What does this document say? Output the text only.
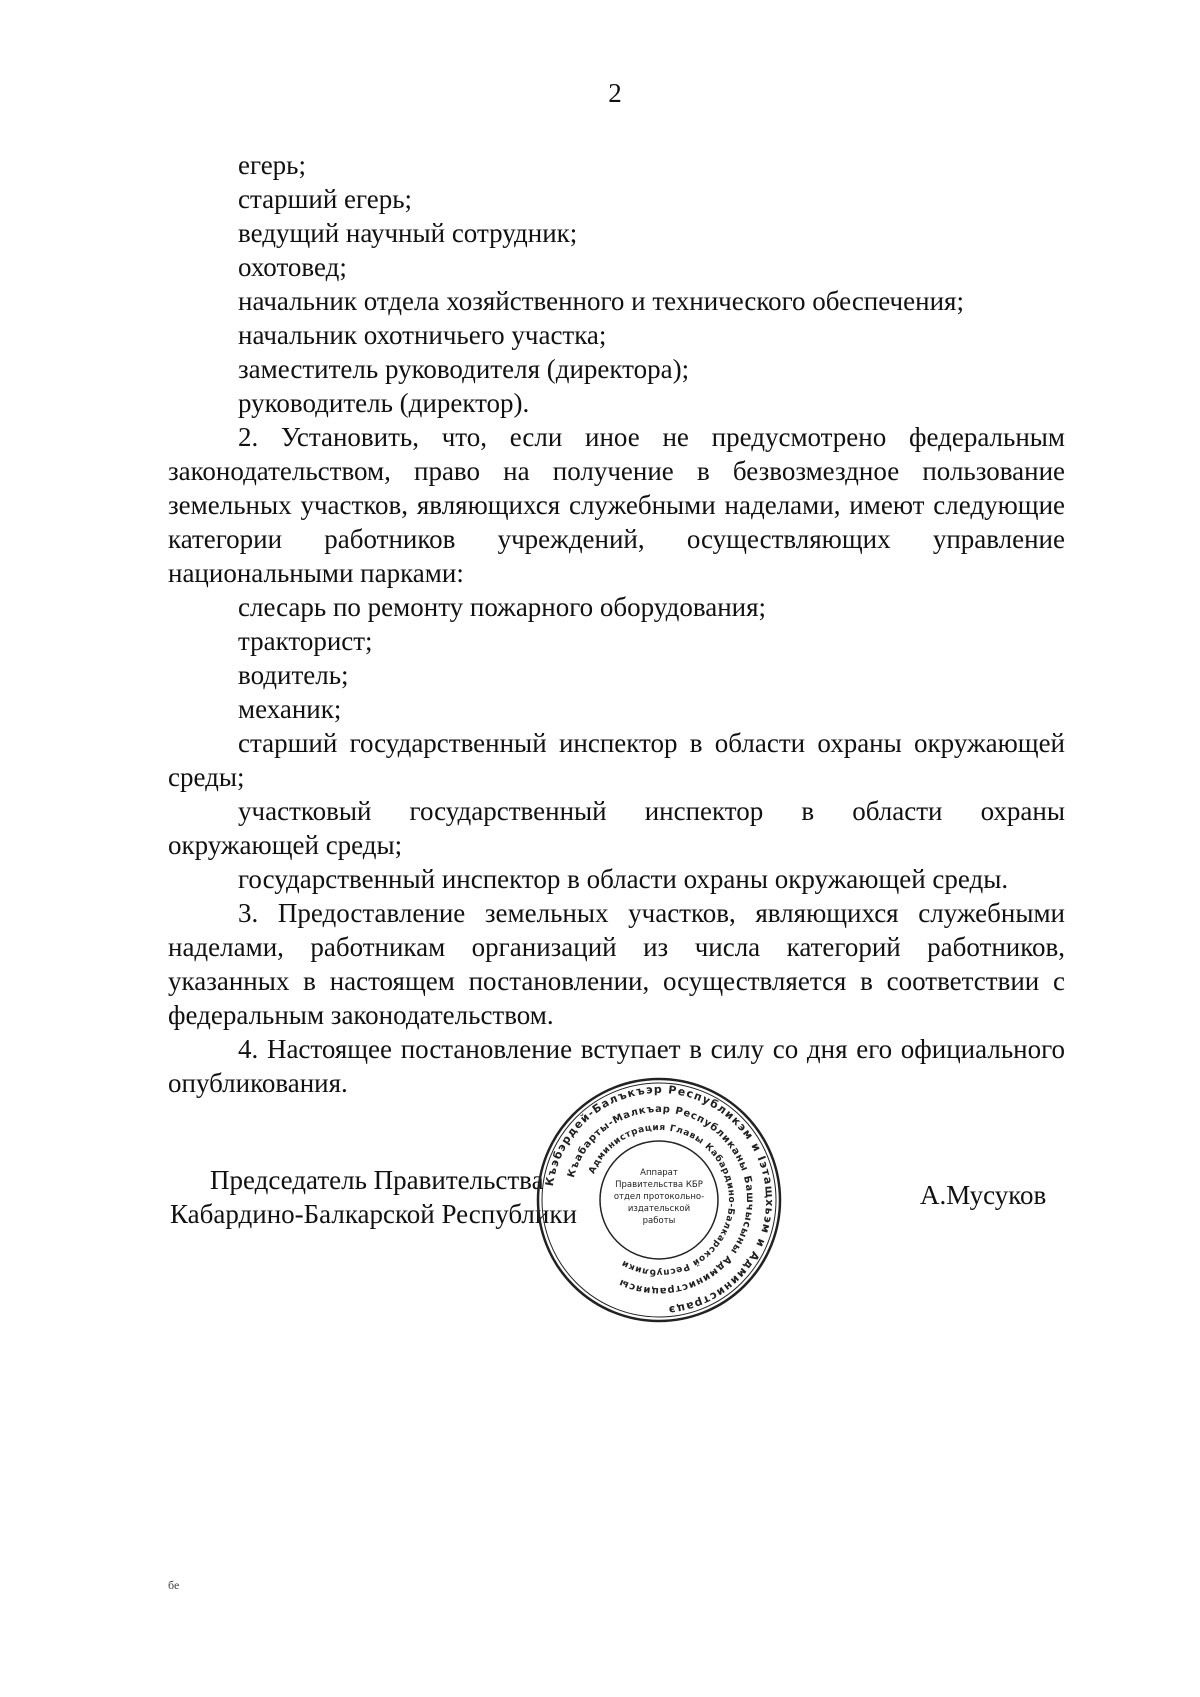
2
егерь;
старший егерь;
ведущий научный сотрудник;
охотовед;
начальник отдела хозяйственного и технического обеспечения;
начальник охотничьего участка;
заместитель руководителя (директора);
руководитель (директор).
2. Установить, что, если иное не предусмотрено федеральным законодательством, право на получение в безвозмездное пользование земельных участков, являющихся служебными наделами, имеют следующие категории работников учреждений, осуществляющих управление национальными парками:
слесарь по ремонту пожарного оборудования;
тракторист;
водитель;
механик;
старший государственный инспектор в области охраны окружающей среды;
участковый государственный инспектор в области охраны окружающей среды;
государственный инспектор в области охраны окружающей среды.
3. Предоставление земельных участков, являющихся служебными наделами, работникам организаций из числа категорий работников, указанных в настоящем постановлении, осуществляется в соответствии с федеральным законодательством.
4. Настоящее постановление вступает в силу со дня его официального опубликования.
Председатель Правительства
Кабардино-Балкарской Республики
А.Мусуков
Къэбэрдей-Балъкъэр Республикэм и Iэтащхьэм и Администрацэ
Къабарты-Малкъар Республиканы Башчысыны Администрациясы
Администрация Главы Кабардино-Балкарской Республики
Аппарат
Правительства КБР
отдел протокольно-
издательской
работы
бе
